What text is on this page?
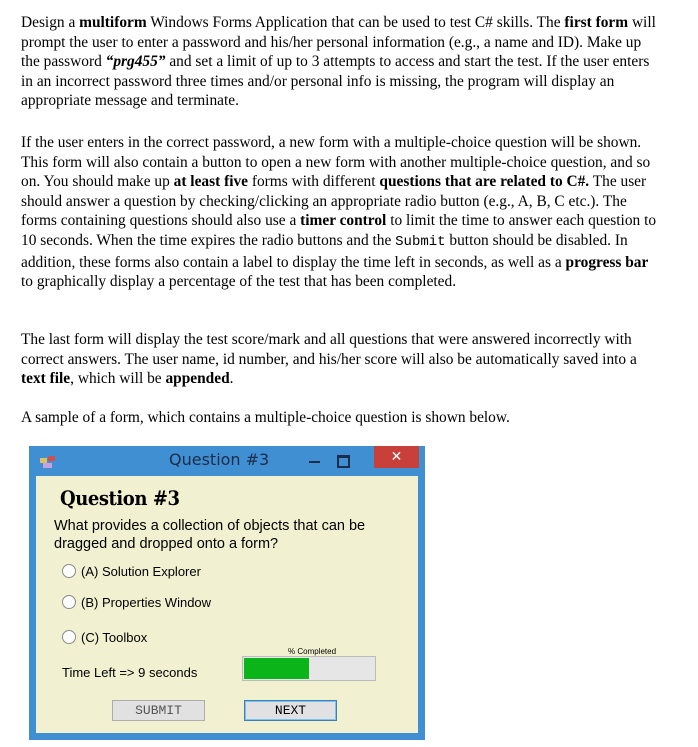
Design a multiform Windows Forms Application that can be used to test C# skills. The first form will prompt the user to enter a password and his/her personal information (e.g., a name and ID). Make up the password “prg455” and set a limit of up to 3 attempts to access and start the test. If the user enters in an incorrect password three times and/or personal info is missing, the program will display an appropriate message and terminate.

If the user enters in the correct password, a new form with a multiple-choice question will be shown. This form will also contain a button to open a new form with another multiple-choice question, and so on. You should make up at least five forms with different questions that are related to C#. The user should answer a question by checking/clicking an appropriate radio button (e.g., A, B, C etc.). The forms containing questions should also use a timer control to limit the time to answer each question to 10 seconds. When the time expires the radio buttons and the Submit button should be disabled. In addition, these forms also contain a label to display the time left in seconds, as well as a progress bar to graphically display a percentage of the test that has been completed.

The last form will display the test score/mark and all questions that were answered incorrectly with correct answers. The user name, id number, and his/her score will also be automatically saved into a text file, which will be appended.

A sample of a form, which contains a multiple-choice question is shown below.

Question #3	✕
Question #3
What provides a collection of objects that can be dragged and dropped onto a form?
(A) Solution Explorer
(B) Properties Window
(C) Toolbox
% Completed
Time Left => 9 seconds
SUBMIT	NEXT
